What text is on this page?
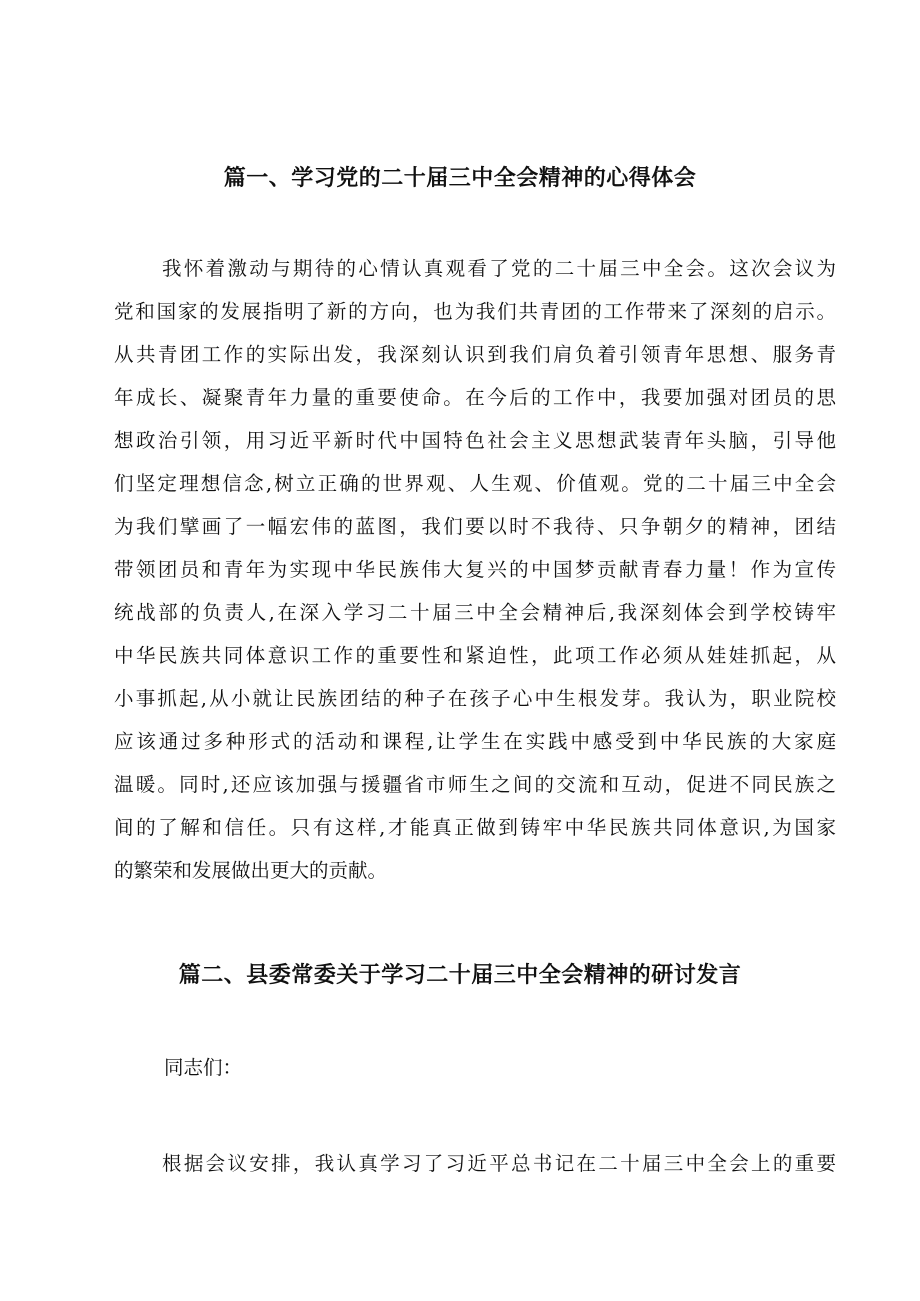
篇一、学习党的二十届三中全会精神的心得体会
我怀着激动与期待的心情认真观看了党的二十届三中全会。这次会议为
党和国家的发展指明了新的方向，也为我们共青团的工作带来了深刻的启示。
从共青团工作的实际出发，我深刻认识到我们肩负着引领青年思想、服务青
年成长、凝聚青年力量的重要使命。在今后的工作中，我要加强对团员的思
想政治引领，用习近平新时代中国特色社会主义思想武装青年头脑，引导他
们坚定理想信念,树立正确的世界观、人生观、价值观。党的二十届三中全会
为我们擘画了一幅宏伟的蓝图，我们要以时不我待、只争朝夕的精神，团结
带领团员和青年为实现中华民族伟大复兴的中国梦贡献青春力量！作为宣传
统战部的负责人,在深入学习二十届三中全会精神后,我深刻体会到学校铸牢
中华民族共同体意识工作的重要性和紧迫性，此项工作必须从娃娃抓起，从
小事抓起,从小就让民族团结的种子在孩子心中生根发芽。我认为，职业院校
应该通过多种形式的活动和课程,让学生在实践中感受到中华民族的大家庭
温暖。同时,还应该加强与援疆省市师生之间的交流和互动，促进不同民族之
间的了解和信任。只有这样,才能真正做到铸牢中华民族共同体意识,为国家
的繁荣和发展做出更大的贡献。
篇二、县委常委关于学习二十届三中全会精神的研讨发言
同志们：
根据会议安排，我认真学习了习近平总书记在二十届三中全会上的重要
